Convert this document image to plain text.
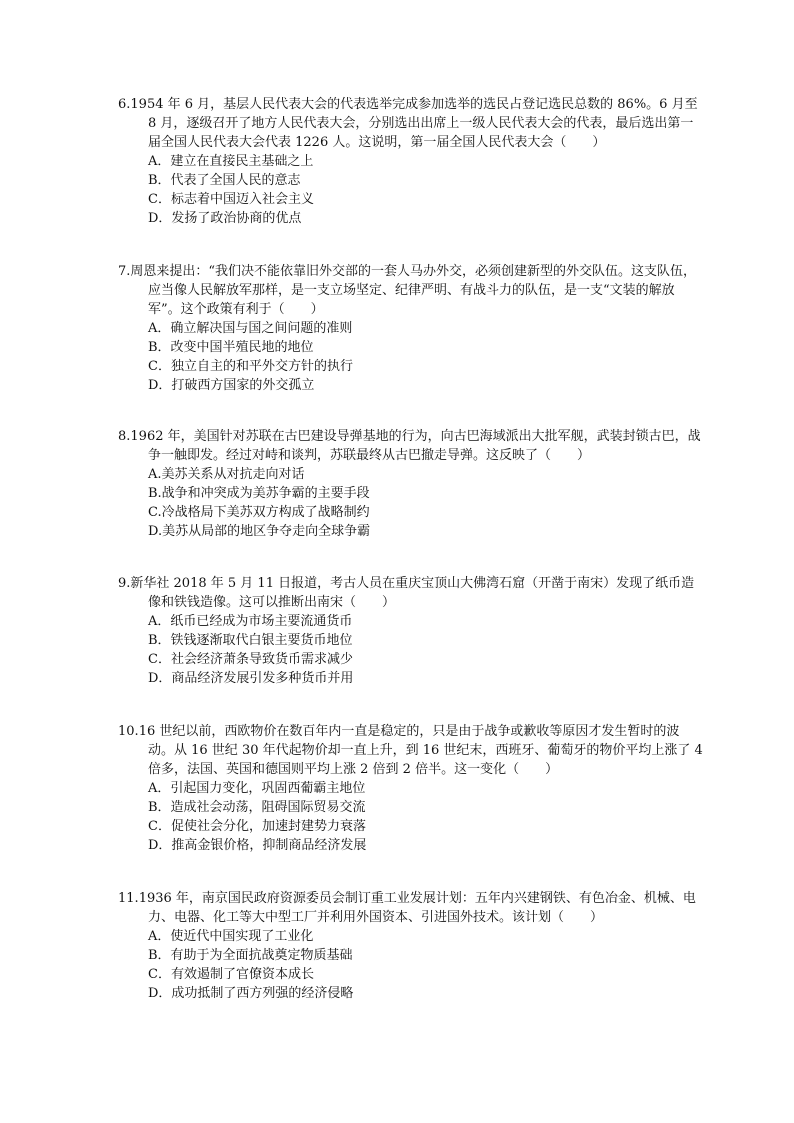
6.1954 年 6 月，基层人民代表大会的代表选举完成参加选举的选民占登记选民总数的 86%。6 月至 8 月，逐级召开了地方人民代表大会，分别选出出席上一级人民代表大会的代表，最后选出第一届全国人民代表大会代表 1226 人。这说明，第一届全国人民代表大会（　　）

A．建立在直接民主基础之上
B．代表了全国人民的意志
C．标志着中国迈入社会主义
D．发扬了政治协商的优点

7.周恩来提出：“我们决不能依靠旧外交部的一套人马办外交，必须创建新型的外交队伍。这支队伍，应当像人民解放军那样，是一支立场坚定、纪律严明、有战斗力的队伍，是一支“文装的解放军”。这个政策有利于（　　）

A．确立解决国与国之间问题的准则
B．改变中国半殖民地的地位
C．独立自主的和平外交方针的执行
D．打破西方国家的外交孤立

8.1962 年，美国针对苏联在古巴建设导弹基地的行为，向古巴海域派出大批军舰，武装封锁古巴，战争一触即发。经过对峙和谈判，苏联最终从古巴撤走导弹。这反映了（　　）

A.美苏关系从对抗走向对话
B.战争和冲突成为美苏争霸的主要手段
C.冷战格局下美苏双方构成了战略制约
D.美苏从局部的地区争夺走向全球争霸

9.新华社 2018 年 5 月 11 日报道，考古人员在重庆宝顶山大佛湾石窟（开凿于南宋）发现了纸币造像和铁钱造像。这可以推断出南宋（　　）

A．纸币已经成为市场主要流通货币
B．铁钱逐渐取代白银主要货币地位
C．社会经济萧条导致货币需求减少
D．商品经济发展引发多种货币并用

10.16 世纪以前，西欧物价在数百年内一直是稳定的，只是由于战争或歉收等原因才发生暂时的波动。从 16 世纪 30 年代起物价却一直上升，到 16 世纪末，西班牙、葡萄牙的物价平均上涨了 4 倍多，法国、英国和德国则平均上涨 2 倍到 2 倍半。这一变化（　　）

A．引起国力变化，巩固西葡霸主地位
B．造成社会动荡，阻碍国际贸易交流
C．促使社会分化，加速封建势力衰落
D．推高金银价格，抑制商品经济发展

11.1936 年，南京国民政府资源委员会制订重工业发展计划：五年内兴建钢铁、有色冶金、机械、电力、电器、化工等大中型工厂并利用外国资本、引进国外技术。该计划（　　）

A．使近代中国实现了工业化
B．有助于为全面抗战奠定物质基础
C．有效遏制了官僚资本成长
D．成功抵制了西方列强的经济侵略
